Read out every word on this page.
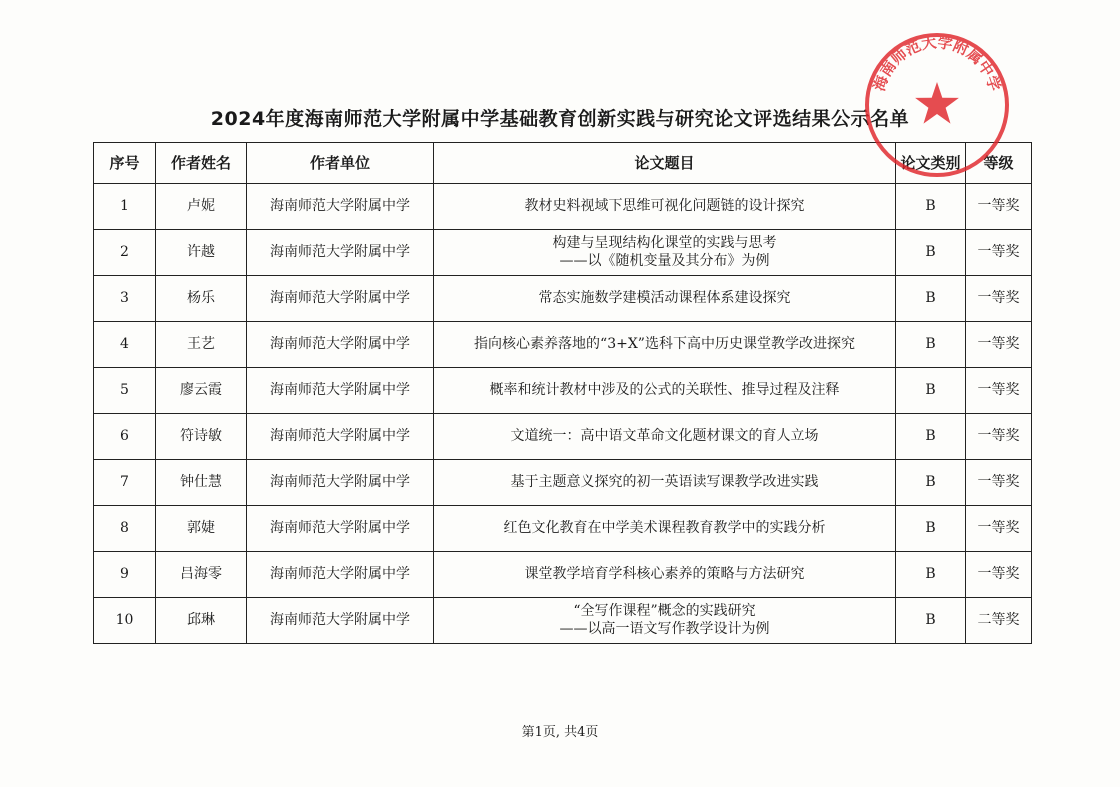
2024年度海南师范大学附属中学基础教育创新实践与研究论文评选结果公示名单
序号	作者姓名	作者单位	论文题目	论文类别	等级
1	卢妮	海南师范大学附属中学	教材史料视域下思维可视化问题链的设计探究	B	一等奖
2	许越	海南师范大学附属中学	构建与呈现结构化课堂的实践与思考
——以《随机变量及其分布》为例	B	一等奖
3	杨乐	海南师范大学附属中学	常态实施数学建模活动课程体系建设探究	B	一等奖
4	王艺	海南师范大学附属中学	指向核心素养落地的“3+X”选科下高中历史课堂教学改进探究	B	一等奖
5	廖云霞	海南师范大学附属中学	概率和统计教材中涉及的公式的关联性、推导过程及注释	B	一等奖
6	符诗敏	海南师范大学附属中学	文道统一：高中语文革命文化题材课文的育人立场	B	一等奖
7	钟仕慧	海南师范大学附属中学	基于主题意义探究的初一英语读写课教学改进实践	B	一等奖
8	郭婕	海南师范大学附属中学	红色文化教育在中学美术课程教育教学中的实践分析	B	一等奖
9	吕海零	海南师范大学附属中学	课堂教学培育学科核心素养的策略与方法研究	B	一等奖
10	邱琳	海南师范大学附属中学	“全写作课程”概念的实践研究
——以高一语文写作教学设计为例	B	二等奖
第1页, 共4页
海南师范大学附属中学
